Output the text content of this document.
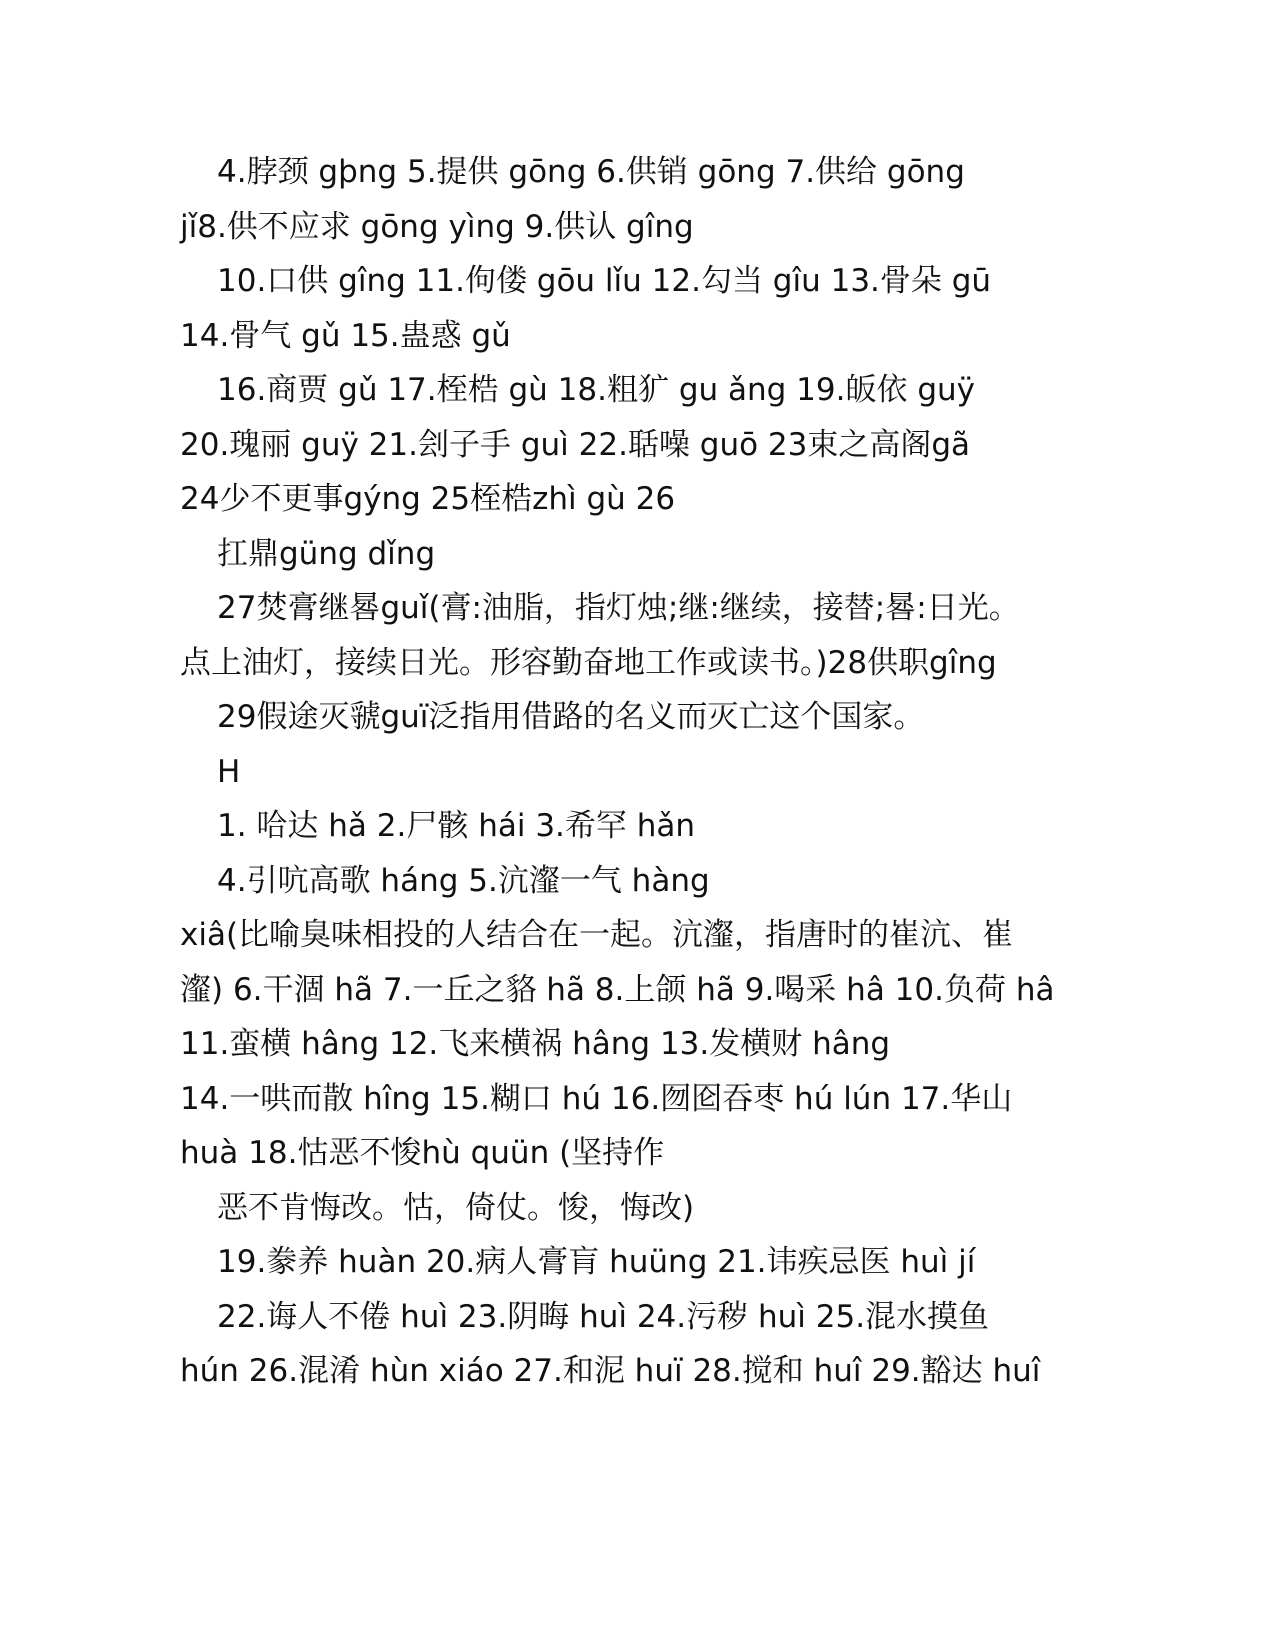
4.脖颈 gþng 5.提供 gōng 6.供销 gōng 7.供给 gōng
jǐ8.供不应求 gōng yìng 9.供认 gîng
10.口供 gîng 11.佝偻 gōu lǐu 12.勾当 gîu 13.骨朵 gū
14.骨气 gǔ 15.蛊惑 gǔ
16.商贾 gǔ 17.桎梏 gù 18.粗犷 gu ǎng 19.皈依 guÿ
20.瑰丽 guÿ 21.刽子手 guì 22.聒噪 guō 23束之高阁gã
24少不更事gýng 25桎梏zhì gù 26
扛鼎güng dǐng
27焚膏继晷guǐ(膏:油脂，指灯烛;继:继续，接替;晷:日光。
点上油灯，接续日光。形容勤奋地工作或读书。)28供职gîng
29假途灭虢guï泛指用借路的名义而灭亡这个国家。
H
1. 哈达 hǎ 2.尸骸 hái 3.希罕 hǎn
4.引吭高歌 háng 5.沆瀣一气 hàng
xiâ(比喻臭味相投的人结合在一起。沆瀣，指唐时的崔沆、崔
瀣) 6.干涸 hã 7.一丘之貉 hã 8.上颌 hã 9.喝采 hâ 10.负荷 hâ
11.蛮横 hâng 12.飞来横祸 hâng 13.发横财 hâng
14.一哄而散 hîng 15.糊口 hú 16.囫囵吞枣 hú lún 17.华山
huà 18.怙恶不悛hù quün (坚持作
恶不肯悔改。怙，倚仗。悛，悔改)
19.豢养 huàn 20.病人膏肓 huüng 21.讳疾忌医 huì jí
22.诲人不倦 huì 23.阴晦 huì 24.污秽 huì 25.混水摸鱼
hún 26.混淆 hùn xiáo 27.和泥 huï 28.搅和 huî 29.豁达 huî
